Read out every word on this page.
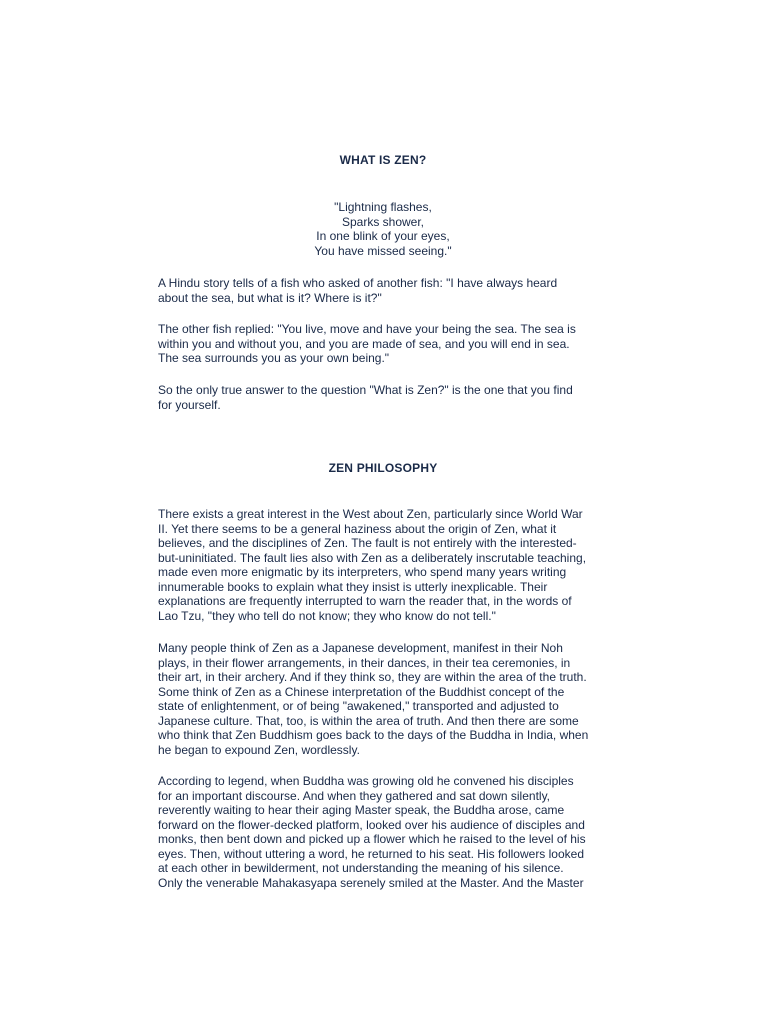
WHAT IS ZEN?
"Lightning flashes,
Sparks shower,
In one blink of your eyes,
You have missed seeing."

A Hindu story tells of a fish who asked of another fish: "I have always heard
about the sea, but what is it? Where is it?"

The other fish replied: "You live, move and have your being the sea. The sea is
within you and without you, and you are made of sea, and you will end in sea.
The sea surrounds you as your own being."

So the only true answer to the question "What is Zen?" is the one that you find
for yourself.

ZEN PHILOSOPHY

There exists a great interest in the West about Zen, particularly since World War
II. Yet there seems to be a general haziness about the origin of Zen, what it
believes, and the disciplines of Zen. The fault is not entirely with the interested-
but-uninitiated. The fault lies also with Zen as a deliberately inscrutable teaching,
made even more enigmatic by its interpreters, who spend many years writing
innumerable books to explain what they insist is utterly inexplicable. Their
explanations are frequently interrupted to warn the reader that, in the words of
Lao Tzu, "they who tell do not know; they who know do not tell."

Many people think of Zen as a Japanese development, manifest in their Noh
plays, in their flower arrangements, in their dances, in their tea ceremonies, in
their art, in their archery. And if they think so, they are within the area of the truth.
Some think of Zen as a Chinese interpretation of the Buddhist concept of the
state of enlightenment, or of being "awakened," transported and adjusted to
Japanese culture. That, too, is within the area of truth. And then there are some
who think that Zen Buddhism goes back to the days of the Buddha in India, when
he began to expound Zen, wordlessly.

According to legend, when Buddha was growing old he convened his disciples
for an important discourse. And when they gathered and sat down silently,
reverently waiting to hear their aging Master speak, the Buddha arose, came
forward on the flower-decked platform, looked over his audience of disciples and
monks, then bent down and picked up a flower which he raised to the level of his
eyes. Then, without uttering a word, he returned to his seat. His followers looked
at each other in bewilderment, not understanding the meaning of his silence.
Only the venerable Mahakasyapa serenely smiled at the Master. And the Master
